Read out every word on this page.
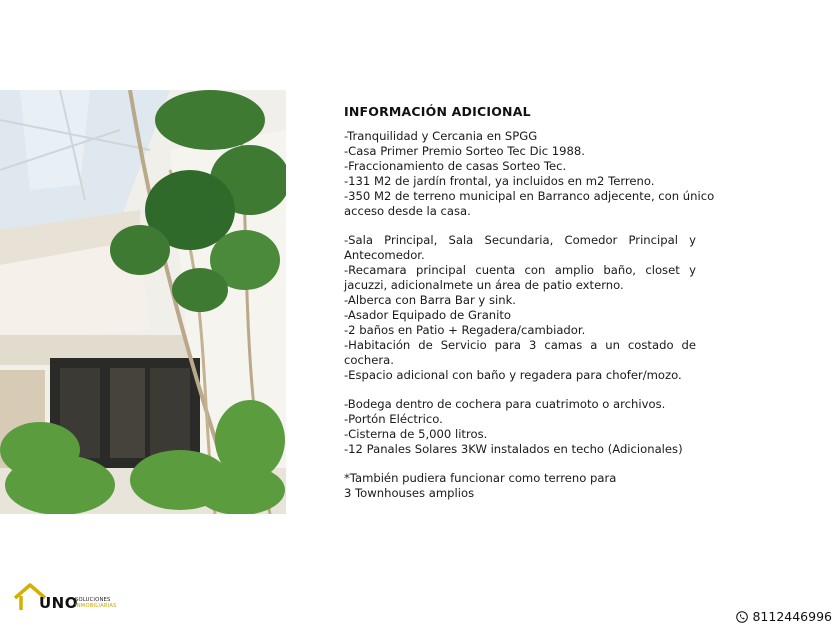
INFORMACIÓN ADICIONAL
-Tranquilidad y Cercania en SPGG
-Casa Primer Premio Sorteo Tec Dic 1988.
-Fraccionamiento de casas Sorteo Tec.
-131 M2 de jardín frontal, ya incluidos en m2 Terreno.
-350 M2 de terreno municipal en Barranco adjecente, con único acceso desde la casa.
-Sala Principal, Sala Secundaria, Comedor Principal y Antecomedor.
-Recamara principal cuenta con amplio baño, closet y jacuzzi, adicionalmete un área de patio externo.
-Alberca con Barra Bar y sink.
-Asador Equipado de Granito
-2 baños en Patio + Regadera/cambiador.
-Habitación de Servicio para 3 camas a un costado de cochera.
-Espacio adicional con baño y regadera para chofer/mozo.
-Bodega dentro de cochera para cuatrimoto o archivos.
-Portón Eléctrico.
-Cisterna de 5,000 litros.
-12 Panales Solares 3KW instalados en techo (Adicionales)
*También pudiera funcionar como terreno para
3 Townhouses amplios
UNO
SOLUCIONES
INMOBILIARIAS
8112446996
